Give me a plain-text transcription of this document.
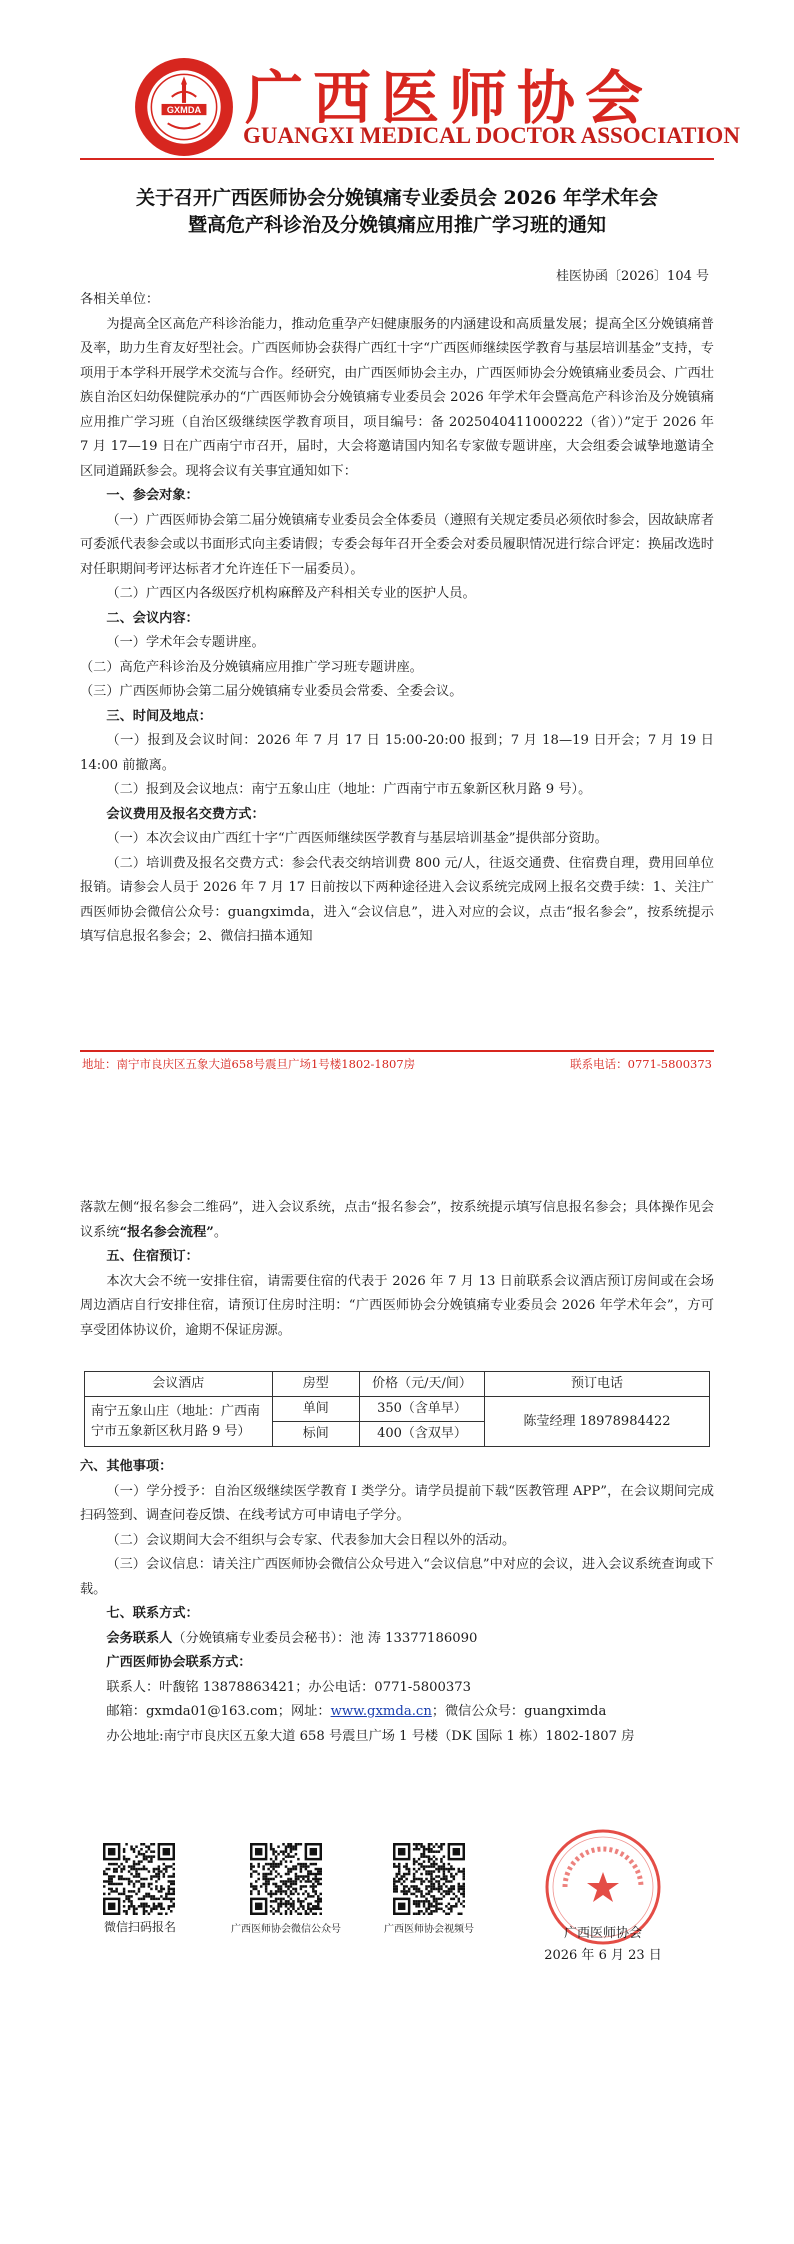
GXMDA 广西医师协会
GUANGXI MEDICAL DOCTOR ASSOCIATION
关于召开广西医师协会分娩镇痛专业委员会 2026 年学术年会
暨高危产科诊治及分娩镇痛应用推广学习班的通知
桂医协函〔2026〕104 号

各相关单位：

为提高全区高危产科诊治能力，推动危重孕产妇健康服务的内涵建设和高质量发展；提高全区分娩镇痛普及率，助力生育友好型社会。广西医师协会获得广西红十字“广西医师继续医学教育与基层培训基金”支持，专项用于本学科开展学术交流与合作。经研究，由广西医师协会主办，广西医师协会分娩镇痛业委员会、广西壮族自治区妇幼保健院承办的“广西医师协会分娩镇痛专业委员会 2026 年学术年会暨高危产科诊治及分娩镇痛应用推广学习班（自治区级继续医学教育项目，项目编号：备 2025040411000222（省））”定于 2026 年 7 月 17—19 日在广西南宁市召开，届时，大会将邀请国内知名专家做专题讲座，大会组委会诚挚地邀请全区同道踊跃参会。现将会议有关事宜通知如下：

一、参会对象：

（一）广西医师协会第二届分娩镇痛专业委员会全体委员（遵照有关规定委员必须依时参会，因故缺席者可委派代表参会或以书面形式向主委请假；专委会每年召开全委会对委员履职情况进行综合评定：换届改选时对任职期间考评达标者才允许连任下一届委员）。

（二）广西区内各级医疗机构麻醉及产科相关专业的医护人员。

二、会议内容：

（一）学术年会专题讲座。

（二）高危产科诊治及分娩镇痛应用推广学习班专题讲座。

（三）广西医师协会第二届分娩镇痛专业委员会常委、全委会议。

三、时间及地点：

（一）报到及会议时间：2026 年 7 月 17 日 15:00-20:00 报到；7 月 18—19 日开会；7 月 19 日 14:00 前撤离。

（二）报到及会议地点：南宁五象山庄（地址：广西南宁市五象新区秋月路 9 号）。

会议费用及报名交费方式：

（一）本次会议由广西红十字“广西医师继续医学教育与基层培训基金”提供部分资助。

（二）培训费及报名交费方式：参会代表交纳培训费 800 元/人，往返交通费、住宿费自理，费用回单位报销。请参会人员于 2026 年 7 月 17 日前按以下两种途径进入会议系统完成网上报名交费手续：1、关注广西医师协会微信公众号：guangximda，进入“会议信息”，进入对应的会议，点击“报名参会”，按系统提示填写信息报名参会；2、微信扫描本通知

地址：南宁市良庆区五象大道658号震旦广场1号楼1802-1807房	联系电话：0771-5800373

落款左侧“报名参会二维码”，进入会议系统，点击“报名参会”，按系统提示填写信息报名参会；具体操作见会议系统“报名参会流程”。

五、住宿预订：

本次大会不统一安排住宿，请需要住宿的代表于 2026 年 7 月 13 日前联系会议酒店预订房间或在会场周边酒店自行安排住宿，请预订住房时注明：“广西医师协会分娩镇痛专业委员会 2026 年学术年会”，方可享受团体协议价，逾期不保证房源。

会议酒店	房型	价格（元/天/间）	预订电话
南宁五象山庄（地址：广西南宁市五象新区秋月路 9 号）	单间	350（含单早）	陈莹经理 18978984422
	标间	400（含双早）	

六、其他事项：

（一）学分授予：自治区级继续医学教育 I 类学分。请学员提前下载“医教管理 APP”，在会议期间完成扫码签到、调查问卷反馈、在线考试方可申请电子学分。

（二）会议期间大会不组织与会专家、代表参加大会日程以外的活动。

（三）会议信息：请关注广西医师协会微信公众号进入“会议信息”中对应的会议，进入会议系统查询或下载。

七、联系方式：

会务联系人（分娩镇痛专业委员会秘书）：池 涛 13377186090

广西医师协会联系方式：

联系人：叶馥铭 13878863421；办公电话：0771-5800373

邮箱：gxmda01@163.com；网址：www.gxmda.cn；微信公众号：guangximda

办公地址:南宁市良庆区五象大道 658 号震旦广场 1 号楼（DK 国际 1 栋）1802-1807 房

微信扫码报名	广西医师协会微信公众号	广西医师协会视频号	广西医师协会
2026 年 6 月 23 日
